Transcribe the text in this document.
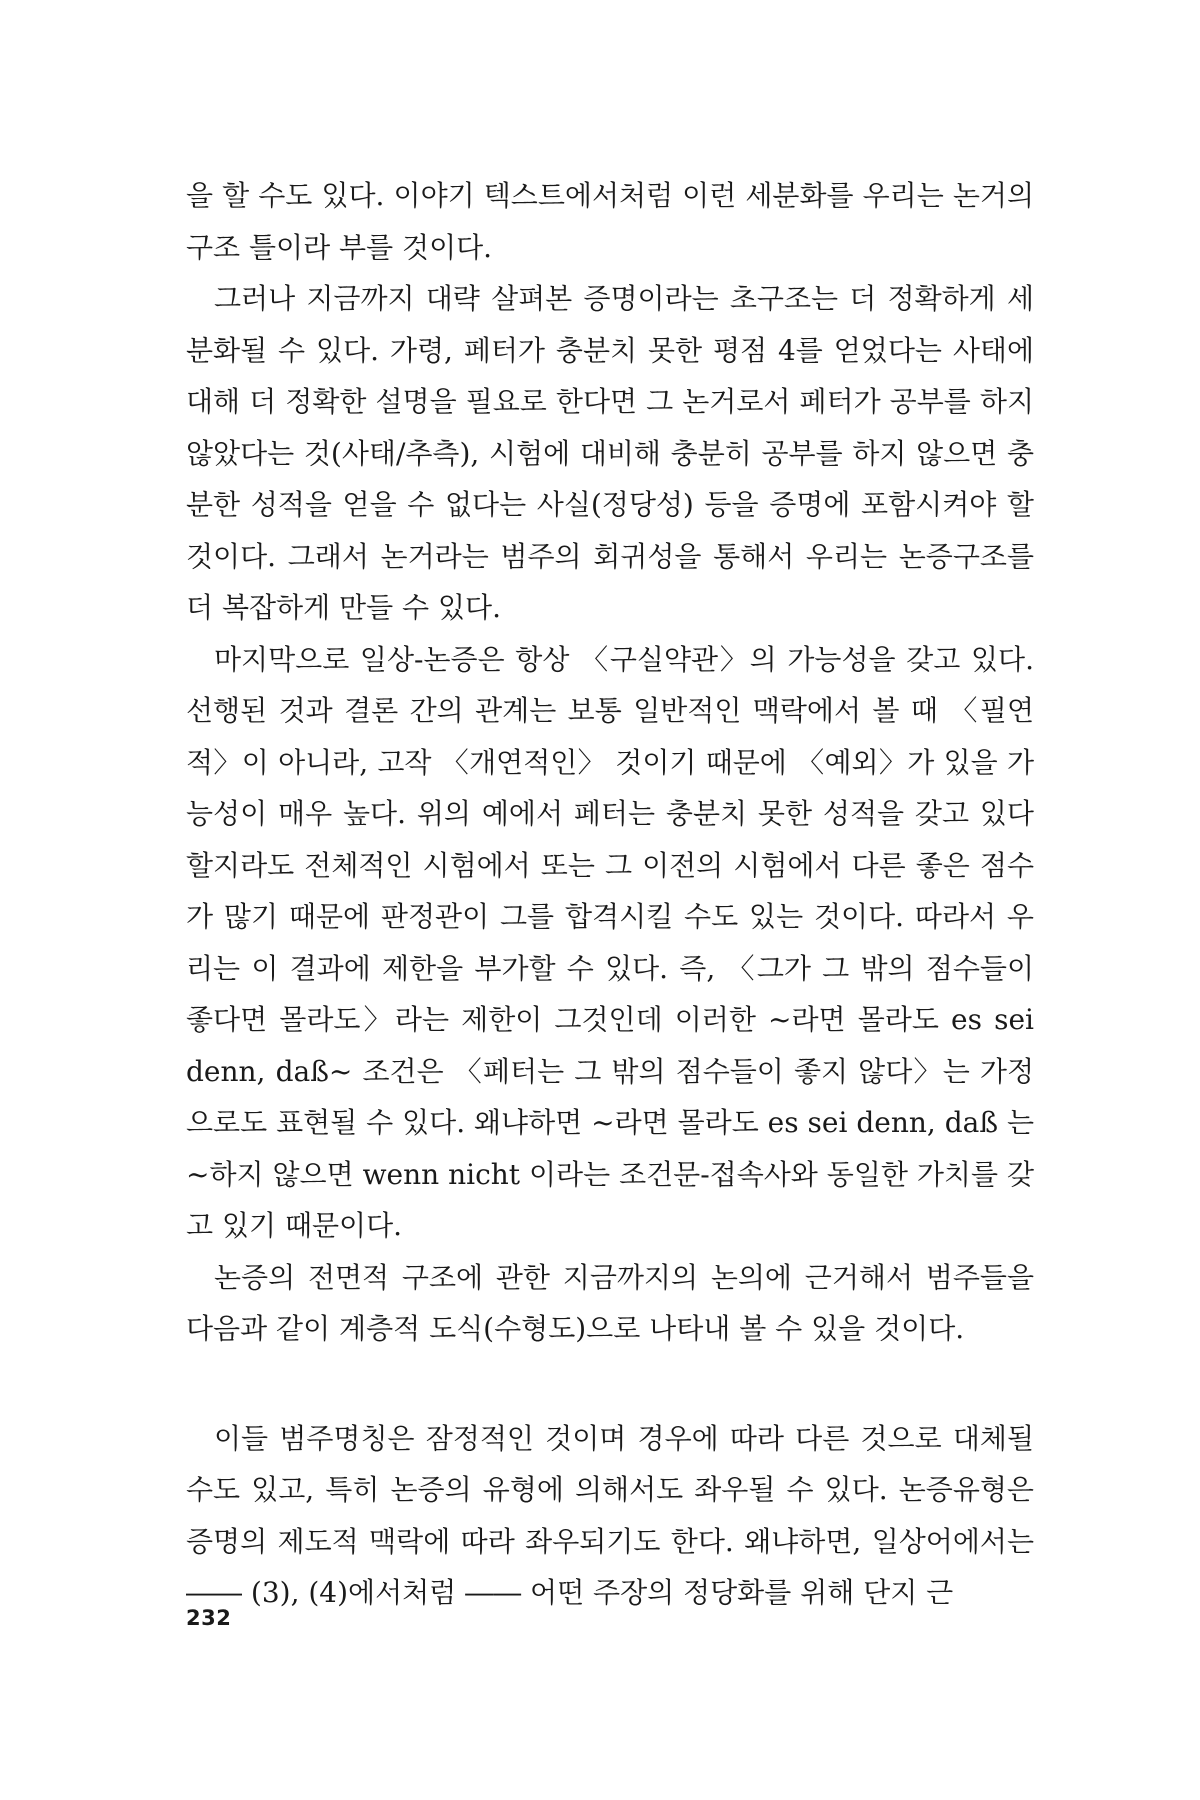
을 할 수도 있다. 이야기 텍스트에서처럼 이런 세분화를 우리는 논거의 구조 틀이라 부를 것이다.

그러나 지금까지 대략 살펴본 증명이라는 초구조는 더 정확하게 세분화될 수 있다. 가령, 페터가 충분치 못한 평점 4를 얻었다는 사태에 대해 더 정확한 설명을 필요로 한다면 그 논거로서 페터가 공부를 하지 않았다는 것(사태/추측), 시험에 대비해 충분히 공부를 하지 않으면 충분한 성적을 얻을 수 없다는 사실(정당성) 등을 증명에 포함시켜야 할 것이다. 그래서 논거라는 범주의 회귀성을 통해서 우리는 논증구조를 더 복잡하게 만들 수 있다.

마지막으로 일상-논증은 항상 〈구실약관〉의 가능성을 갖고 있다. 선행된 것과 결론 간의 관계는 보통 일반적인 맥락에서 볼 때 〈필연적〉이 아니라, 고작 〈개연적인〉 것이기 때문에 〈예외〉가 있을 가능성이 매우 높다. 위의 예에서 페터는 충분치 못한 성적을 갖고 있다 할지라도 전체적인 시험에서 또는 그 이전의 시험에서 다른 좋은 점수가 많기 때문에 판정관이 그를 합격시킬 수도 있는 것이다. 따라서 우리는 이 결과에 제한을 부가할 수 있다. 즉, 〈그가 그 밖의 점수들이 좋다면 몰라도〉라는 제한이 그것인데 이러한 ~라면 몰라도 es sei denn, daß~ 조건은 〈페터는 그 밖의 점수들이 좋지 않다〉는 가정으로도 표현될 수 있다. 왜냐하면 ~라면 몰라도 es sei denn, daß 는 ~하지 않으면 wenn nicht 이라는 조건문-접속사와 동일한 가치를 갖고 있기 때문이다.

논증의 전면적 구조에 관한 지금까지의 논의에 근거해서 범주들을 다음과 같이 계층적 도식(수형도)으로 나타내 볼 수 있을 것이다.

이들 범주명칭은 잠정적인 것이며 경우에 따라 다른 것으로 대체될 수도 있고, 특히 논증의 유형에 의해서도 좌우될 수 있다. 논증유형은 증명의 제도적 맥락에 따라 좌우되기도 한다. 왜냐하면, 일상어에서는 ―― (3), (4)에서처럼 ―― 어떤 주장의 정당화를 위해 단지 근

232
